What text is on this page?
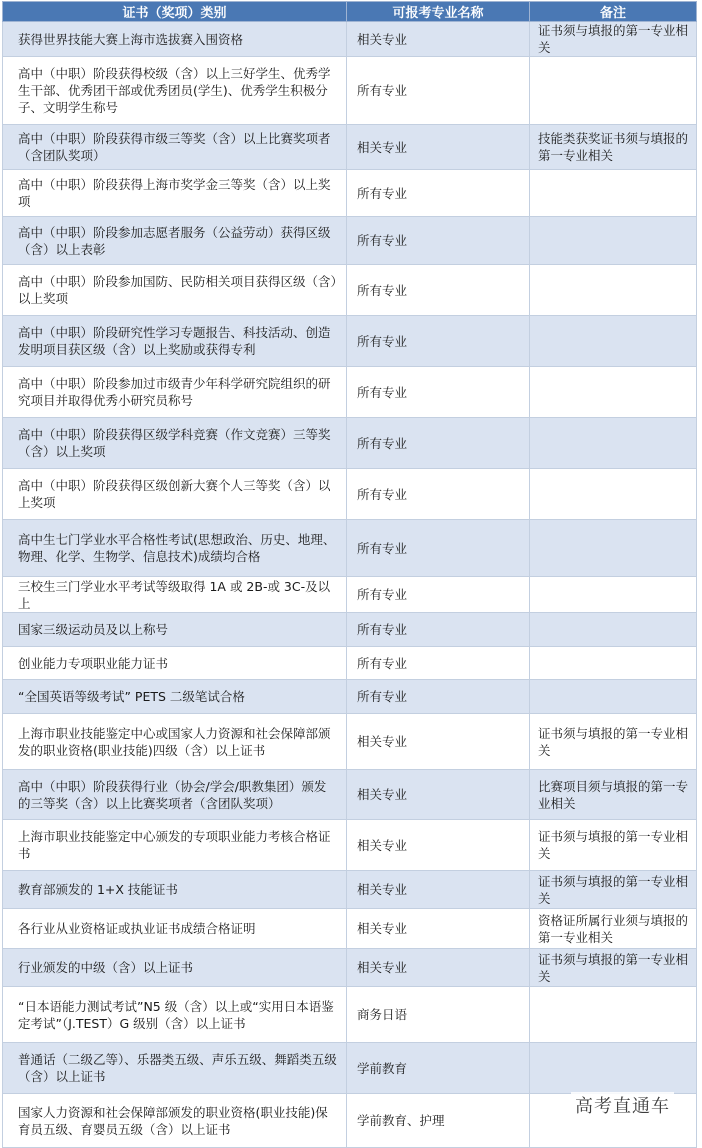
证书（奖项）类别	可报考专业名称	备注
获得世界技能大赛上海市选拔赛入围资格	相关专业	证书须与填报的第一专业相关
高中（中职）阶段获得校级（含）以上三好学生、优秀学生干部、优秀团干部或优秀团员(学生)、优秀学生积极分子、文明学生称号	所有专业	
高中（中职）阶段获得市级三等奖（含）以上比赛奖项者（含团队奖项）	相关专业	技能类获奖证书须与填报的第一专业相关
高中（中职）阶段获得上海市奖学金三等奖（含）以上奖项	所有专业	
高中（中职）阶段参加志愿者服务（公益劳动）获得区级（含）以上表彰	所有专业	
高中（中职）阶段参加国防、民防相关项目获得区级（含）以上奖项	所有专业	
高中（中职）阶段研究性学习专题报告、科技活动、创造发明项目获区级（含）以上奖励或获得专利	所有专业	
高中（中职）阶段参加过市级青少年科学研究院组织的研究项目并取得优秀小研究员称号	所有专业	
高中（中职）阶段获得区级学科竞赛（作文竞赛）三等奖（含）以上奖项	所有专业	
高中（中职）阶段获得区级创新大赛个人三等奖（含）以上奖项	所有专业	
高中生七门学业水平合格性考试(思想政治、历史、地理、物理、化学、生物学、信息技术)成绩均合格	所有专业	
三校生三门学业水平考试等级取得 1A 或 2B-或 3C-及以上	所有专业	
国家三级运动员及以上称号	所有专业	
创业能力专项职业能力证书	所有专业	
“全国英语等级考试” PETS 二级笔试合格	所有专业	
上海市职业技能鉴定中心或国家人力资源和社会保障部颁发的职业资格(职业技能)四级（含）以上证书	相关专业	证书须与填报的第一专业相关
高中（中职）阶段获得行业（协会/学会/职教集团）颁发的三等奖（含）以上比赛奖项者（含团队奖项）	相关专业	比赛项目须与填报的第一专业相关
上海市职业技能鉴定中心颁发的专项职业能力考核合格证书	相关专业	证书须与填报的第一专业相关
教育部颁发的 1+X 技能证书	相关专业	证书须与填报的第一专业相关
各行业从业资格证或执业证书成绩合格证明	相关专业	资格证所属行业须与填报的第一专业相关
行业颁发的中级（含）以上证书	相关专业	证书须与填报的第一专业相关
“日本语能力测试考试”N5 级（含）以上或“实用日本语鉴定考试”（J.TEST）G 级别（含）以上证书	商务日语	
普通话（二级乙等）、乐器类五级、声乐五级、舞蹈类五级（含）以上证书	学前教育	
国家人力资源和社会保障部颁发的职业资格(职业技能)保育员五级、育婴员五级（含）以上证书	学前教育、护理	
高考直通车
